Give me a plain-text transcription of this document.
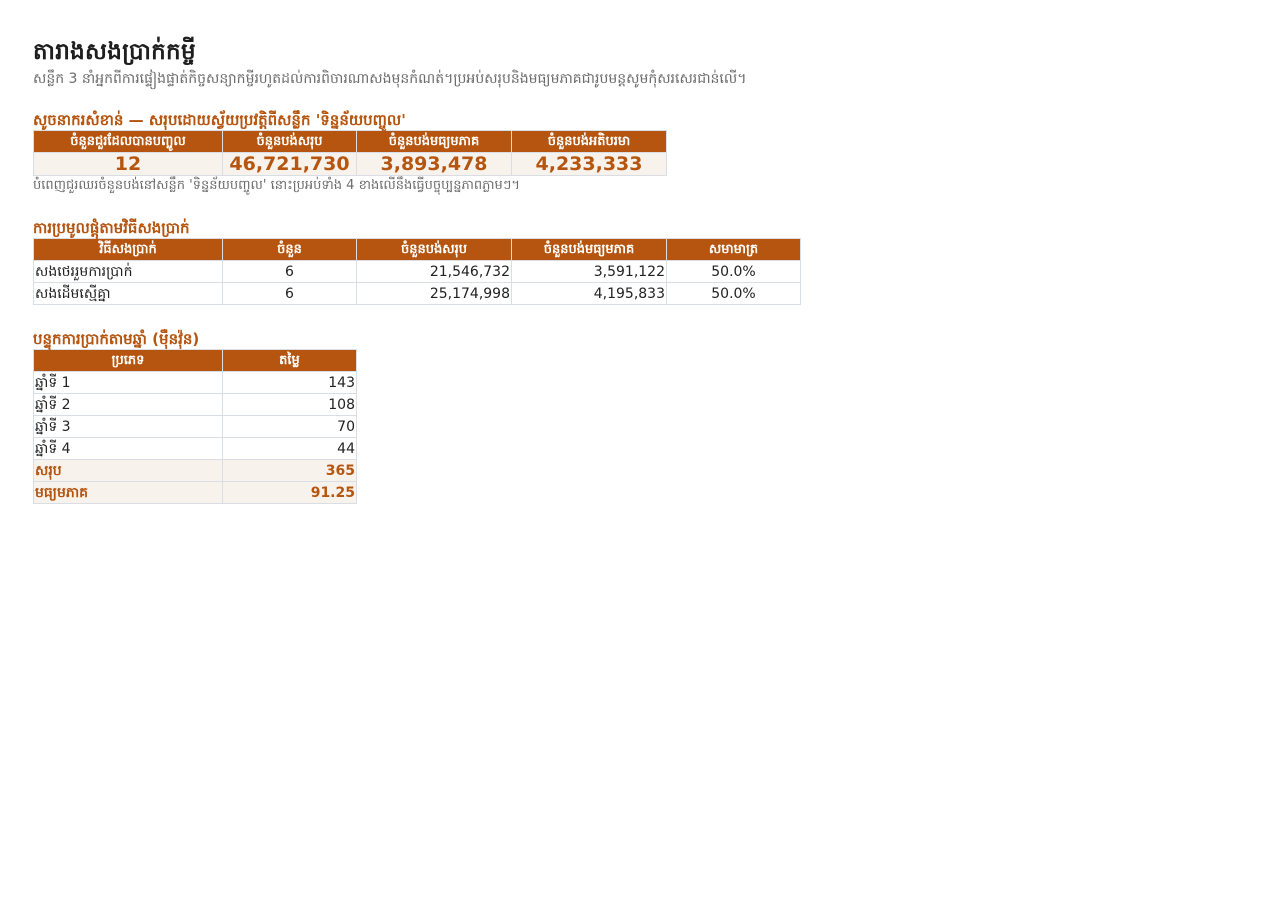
តារាងសងប្រាក់កម្ចី
សន្លឹក 3 នាំអ្នកពីការផ្ទៀងផ្ទាត់កិច្ចសន្យាកម្ចីរហូតដល់ការពិចារណាសងមុនកំណត់។ប្រអប់សរុបនិងមធ្យមភាគជារូបមន្តសូមកុំសរសេរជាន់លើ។
សូចនាករសំខាន់ — សរុបដោយស្វ័យប្រវត្តិពីសន្លឹក 'ទិន្នន័យបញ្ចូល'
ចំនួនជួរដែលបានបញ្ចូល	ចំនួនបង់សរុប	ចំនួនបង់មធ្យមភាគ	ចំនួនបង់អតិបរមា
12	46,721,730	3,893,478	4,233,333
បំពេញជួរឈរចំនួនបង់នៅសន្លឹក 'ទិន្នន័យបញ្ចូល' នោះប្រអប់ទាំង 4 ខាងលើនឹងធ្វើបច្ចុប្បន្នភាពភ្លាមៗ។
ការប្រមូលផ្តុំតាមវិធីសងប្រាក់
វិធីសងប្រាក់	ចំនួន	ចំនួនបង់សរុប	ចំនួនបង់មធ្យមភាគ	សមាមាត្រ
សងថេររួមការប្រាក់	6	21,546,732	3,591,122	50.0%
សងដើមស្មើគ្នា	6	25,174,998	4,195,833	50.0%
បន្ទុកការប្រាក់តាមឆ្នាំ (ម៉ឺនវ៉ុន)
ប្រភេទ	តម្លៃ
ឆ្នាំទី 1	143
ឆ្នាំទី 2	108
ឆ្នាំទី 3	70
ឆ្នាំទី 4	44
សរុប	365
មធ្យមភាគ	91.25
